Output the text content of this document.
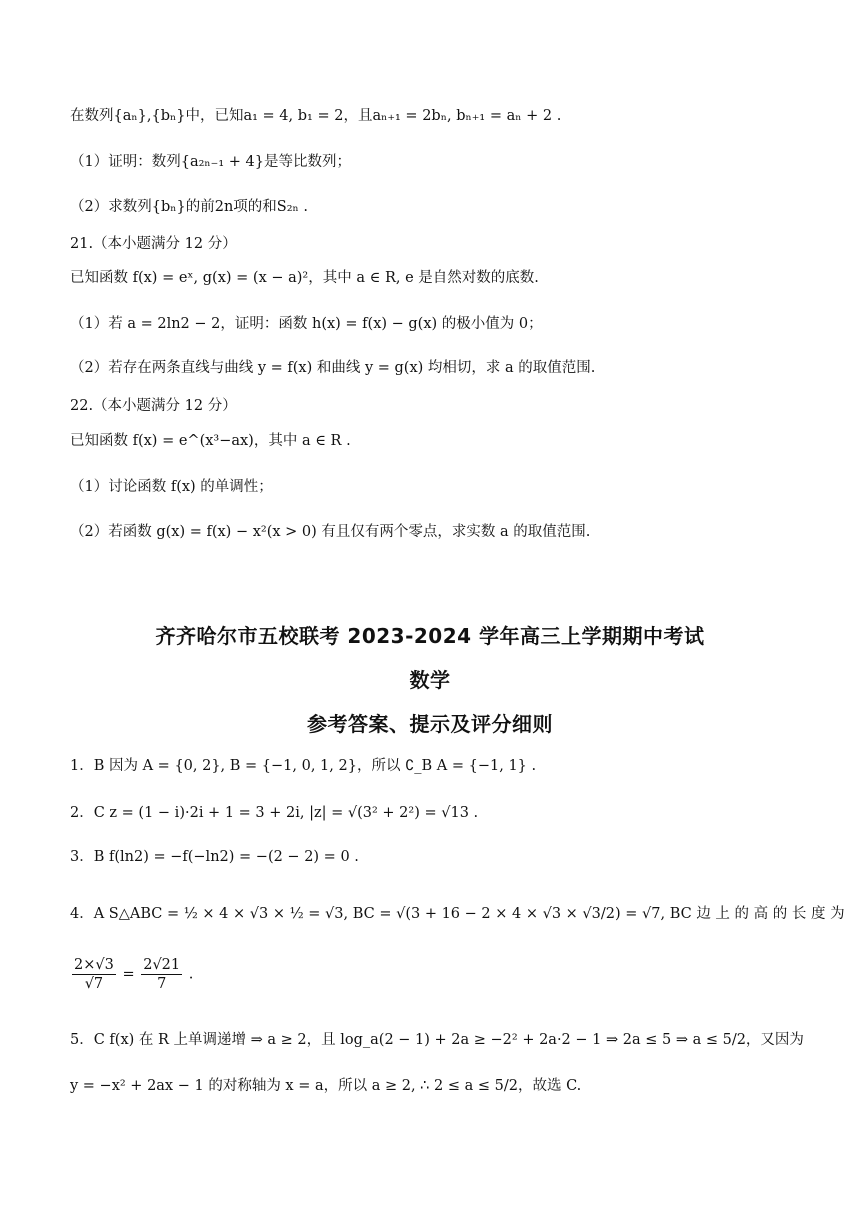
在数列{aₙ},{bₙ}中，已知a₁ = 4, b₁ = 2，且aₙ₊₁ = 2bₙ, bₙ₊₁ = aₙ + 2 .
（1）证明：数列{a₂ₙ₋₁ + 4}是等比数列；
（2）求数列{bₙ}的前2n项的和S₂ₙ .
21.（本小题满分 12 分）
已知函数 f(x) = eˣ, g(x) = (x − a)²，其中 a ∈ R, e 是自然对数的底数.
（1）若 a = 2ln2 − 2，证明：函数 h(x) = f(x) − g(x) 的极小值为 0；
（2）若存在两条直线与曲线 y = f(x) 和曲线 y = g(x) 均相切，求 a 的取值范围.
22.（本小题满分 12 分）
已知函数 f(x) = e^(x³−ax)，其中 a ∈ R .
（1）讨论函数 f(x) 的单调性；
（2）若函数 g(x) = f(x) − x²(x > 0) 有且仅有两个零点，求实数 a 的取值范围.
齐齐哈尔市五校联考 2023-2024 学年高三上学期期中考试
数学
参考答案、提示及评分细则
1．B 因为 A = {0, 2}, B = {−1, 0, 1, 2}，所以 ∁_B A = {−1, 1} .
2．C z = (1 − i)·2i + 1 = 3 + 2i, |z| = √(3² + 2²) = √13 .
3．B f(ln2) = −f(−ln2) = −(2 − 2) = 0 .
4．A S△ABC = ½ × 4 × √3 × ½ = √3, BC = √(3 + 16 − 2 × 4 × √3 × √3/2) = √7, BC 边 上 的 高 的 长 度 为
$\frac{2\times√3}{√7} = \frac{2√21}{7}$ .
5．C f(x) 在 R 上单调递增 ⇒ a ≥ 2，且 log_a(2 − 1) + 2a ≥ −2² + 2a·2 − 1 ⇒ 2a ≤ 5 ⇒ a ≤ 5/2，又因为
y = −x² + 2ax − 1 的对称轴为 x = a，所以 a ≥ 2, ∴ 2 ≤ a ≤ 5/2，故选 C.
